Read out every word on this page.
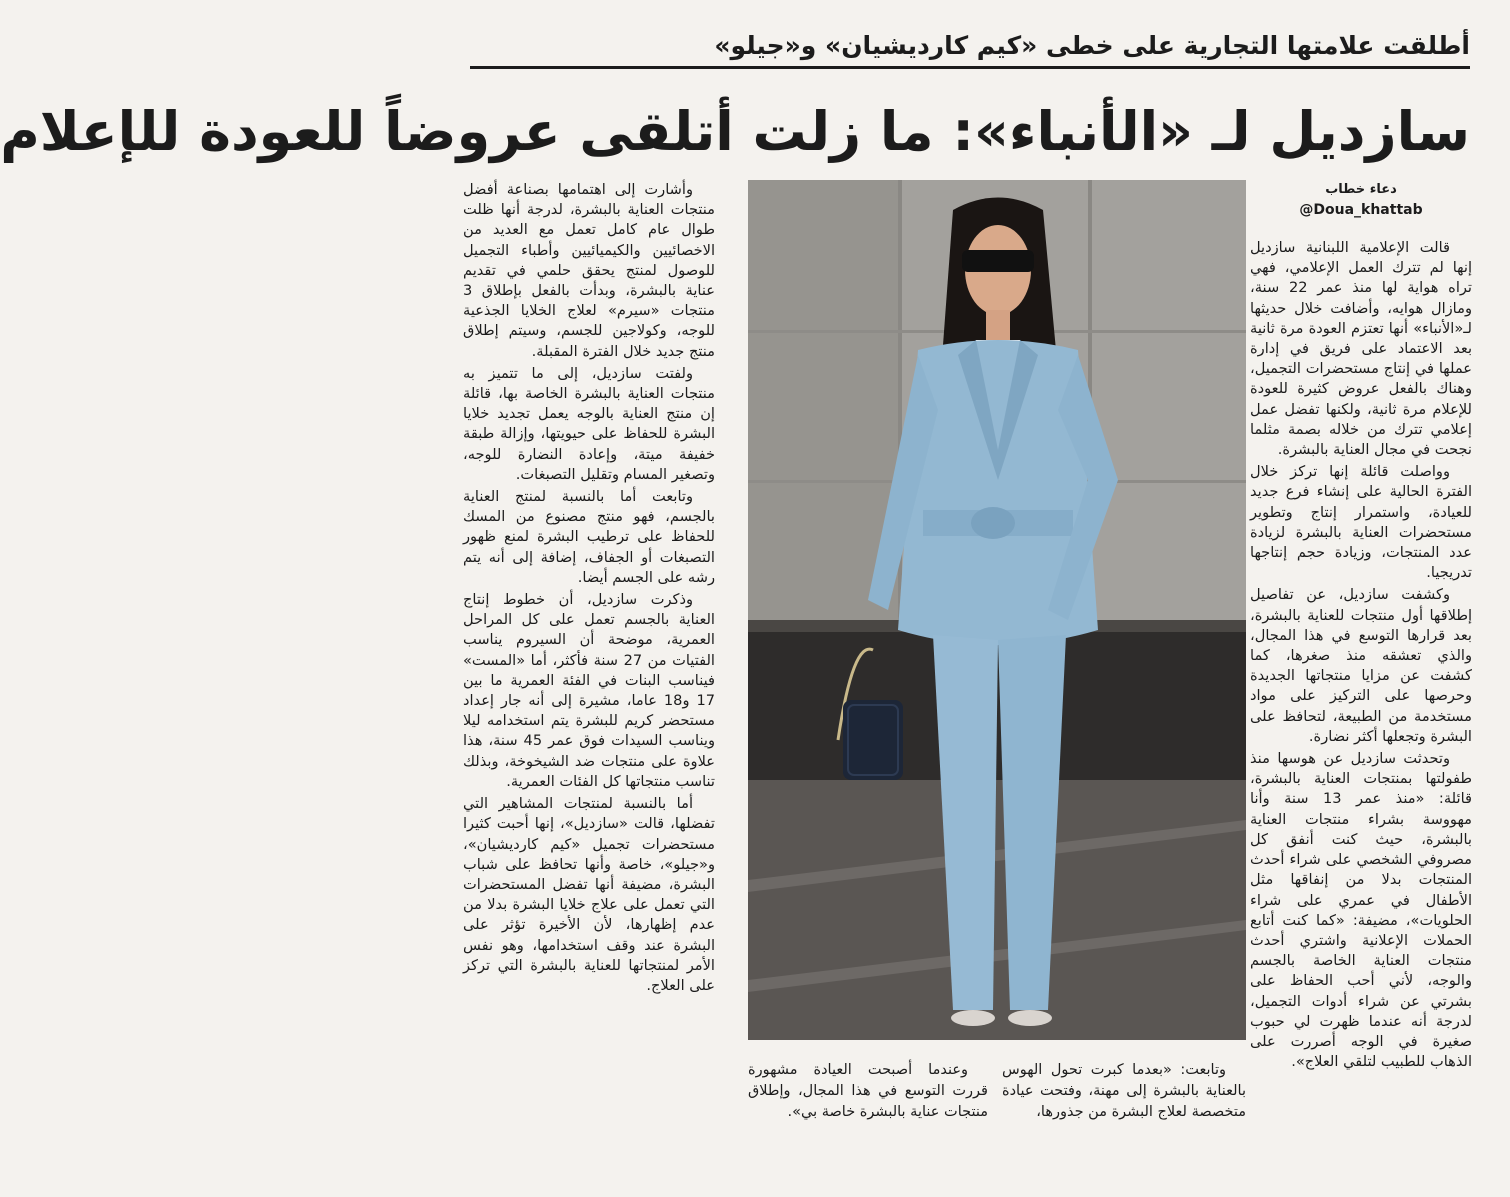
أطلقت علامتها التجارية على خطى «كيم كارديشيان» و«جيلو»
سازديل لـ «الأنباء»: ما زلت أتلقى عروضاً للعودة للإعلام
دعاء خطاب
@Doua_khattab

قالت الإعلامية اللبنانية سازديل إنها لم تترك العمل الإعلامي، فهي تراه هواية لها منذ عمر 22 سنة، ومازال هوايه، وأضافت خلال حديثها لـ«الأنباء» أنها تعتزم العودة مرة ثانية بعد الاعتماد على فريق في إدارة عملها في إنتاج مستحضرات التجميل، وهناك بالفعل عروض كثيرة للعودة للإعلام مرة ثانية، ولكنها تفضل عمل إعلامي تترك من خلاله بصمة مثلما نجحت في مجال العناية بالبشرة.

وواصلت قائلة إنها تركز خلال الفترة الحالية على إنشاء فرع جديد للعيادة، واستمرار إنتاج وتطوير مستحضرات العناية بالبشرة لزيادة عدد المنتجات، وزيادة حجم إنتاجها تدريجيا.

وكشفت سازديل، عن تفاصيل إطلاقها أول منتجات للعناية بالبشرة، بعد قرارها التوسع في هذا المجال، والذي تعشقه منذ صغرها، كما كشفت عن مزايا منتجاتها الجديدة وحرصها على التركيز على مواد مستخدمة من الطبيعة، لتحافظ على البشرة وتجعلها أكثر نضارة.

وتحدثت سازديل عن هوسها منذ طفولتها بمنتجات العناية بالبشرة، قائلة: «منذ عمر 13 سنة وأنا مهووسة بشراء منتجات العناية بالبشرة، حيث كنت أنفق كل مصروفي الشخصي على شراء أحدث المنتجات بدلا من إنفاقها مثل الأطفال في عمري على شراء الحلويات»، مضيفة: «كما كنت أتابع الحملات الإعلانية واشتري أحدث منتجات العناية الخاصة بالجسم والوجه، لأني أحب الحفاظ على بشرتي عن شراء أدوات التجميل، لدرجة أنه عندما ظهرت لي حبوب صغيرة في الوجه أصررت على الذهاب للطبيب لتلقي العلاج».

وأشارت إلى اهتمامها بصناعة أفضل منتجات العناية بالبشرة، لدرجة أنها ظلت طوال عام كامل تعمل مع العديد من الاخصائيين والكيميائيين وأطباء التجميل للوصول لمنتج يحقق حلمي في تقديم عناية بالبشرة، وبدأت بالفعل بإطلاق 3 منتجات «سيرم» لعلاج الخلايا الجذعية للوجه، وكولاجين للجسم، وسيتم إطلاق منتج جديد خلال الفترة المقبلة.

ولفتت سازديل، إلى ما تتميز به منتجات العناية بالبشرة الخاصة بها، قائلة إن منتج العناية بالوجه يعمل تجديد خلايا البشرة للحفاظ على حيويتها، وإزالة طبقة خفيفة ميتة، وإعادة النضارة للوجه، وتصغير المسام وتقليل التصبغات.

وتابعت أما بالنسبة لمنتج العناية بالجسم، فهو منتج مصنوع من المسك للحفاظ على ترطيب البشرة لمنع ظهور التصبغات أو الجفاف، إضافة إلى أنه يتم رشه على الجسم أيضا.

وذكرت سازديل، أن خطوط إنتاج العناية بالجسم تعمل على كل المراحل العمرية، موضحة أن السيروم يناسب الفتيات من 27 سنة فأكثر، أما «المست» فيناسب البنات في الفئة العمرية ما بين 17 و18 عاما، مشيرة إلى أنه جار إعداد مستحضر كريم للبشرة يتم استخدامه ليلا ويناسب السيدات فوق عمر 45 سنة، هذا علاوة على منتجات ضد الشيخوخة، وبذلك تناسب منتجاتها كل الفئات العمرية.

أما بالنسبة لمنتجات المشاهير التي تفضلها، قالت «سازديل»، إنها أحبت كثيرا مستحضرات تجميل «كيم كارديشيان»، و«جيلو»، خاصة وأنها تحافظ على شباب البشرة، مضيفة أنها تفضل المستحضرات التي تعمل على علاج خلايا البشرة بدلا من عدم إظهارها، لأن الأخيرة تؤثر على البشرة عند وقف استخدامها، وهو نفس الأمر لمنتجاتها للعناية بالبشرة التي تركز على العلاج.

وتابعت: «بعدما كبرت تحول الهوس بالعناية بالبشرة إلى مهنة، وفتحت عيادة متخصصة لعلاج البشرة من جذورها،

وعندما أصبحت العيادة مشهورة قررت التوسع في هذا المجال، وإطلاق منتجات عناية بالبشرة خاصة بي».
